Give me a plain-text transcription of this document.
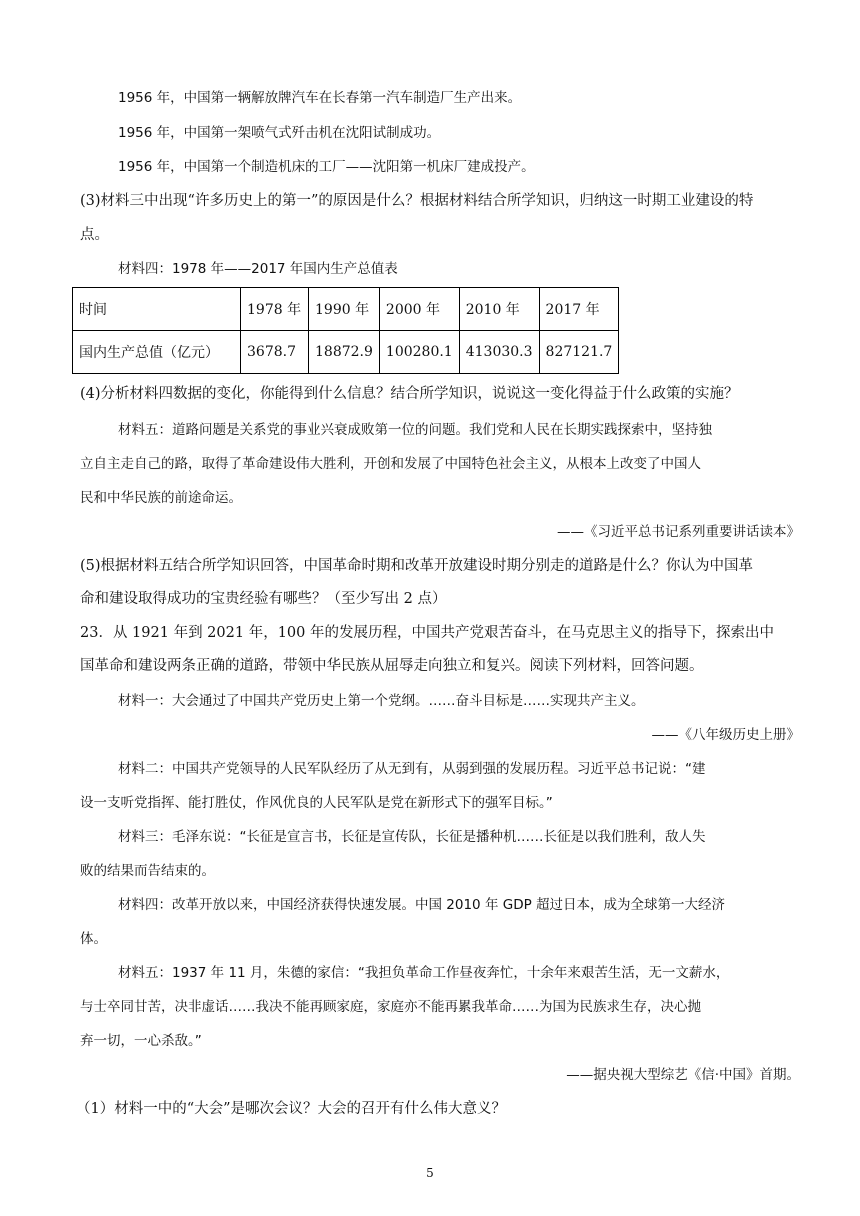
1956 年，中国第一辆解放牌汽车在长春第一汽车制造厂生产出来。
1956 年，中国第一架喷气式歼击机在沈阳试制成功。
1956 年，中国第一个制造机床的工厂——沈阳第一机床厂建成投产。
(3)材料三中出现“许多历史上的第一”的原因是什么？根据材料结合所学知识，归纳这一时期工业建设的特
点。
材料四：1978 年——2017 年国内生产总值表
时间	1978 年	1990 年	2000 年	2010 年	2017 年
国内生产总值（亿元）	3678.7	18872.9	100280.1	413030.3	827121.7
(4)分析材料四数据的变化，你能得到什么信息？结合所学知识，说说这一变化得益于什么政策的实施？
材料五：道路问题是关系党的事业兴衰成败第一位的问题。我们党和人民在长期实践探索中，坚持独
立自主走自己的路，取得了革命建设伟大胜利，开创和发展了中国特色社会主义，从根本上改变了中国人
民和中华民族的前途命运。
——《习近平总书记系列重要讲话读本》
(5)根据材料五结合所学知识回答，中国革命时期和改革开放建设时期分别走的道路是什么？你认为中国革
命和建设取得成功的宝贵经验有哪些？（至少写出 2 点）
23．从 1921 年到 2021 年，100 年的发展历程，中国共产党艰苦奋斗，在马克思主义的指导下，探索出中
国革命和建设两条正确的道路，带领中华民族从屈辱走向独立和复兴。阅读下列材料，回答问题。
材料一：大会通过了中国共产党历史上第一个党纲。……奋斗目标是……实现共产主义。
——《八年级历史上册》
材料二：中国共产党领导的人民军队经历了从无到有，从弱到强的发展历程。习近平总书记说：“建
设一支听党指挥、能打胜仗，作风优良的人民军队是党在新形式下的强军目标。”
材料三：毛泽东说：“长征是宣言书，长征是宣传队，长征是播种机……长征是以我们胜利，敌人失
败的结果而告结束的。
材料四：改革开放以来，中国经济获得快速发展。中国 2010 年 GDP 超过日本，成为全球第一大经济
体。
材料五：1937 年 11 月，朱德的家信：“我担负革命工作昼夜奔忙，十余年来艰苦生活，无一文薪水，
与士卒同甘苦，决非虚话……我决不能再顾家庭，家庭亦不能再累我革命……为国为民族求生存，决心抛
弃一切，一心杀敌。”
——据央视大型综艺《信·中国》首期。
（1）材料一中的“大会”是哪次会议？大会的召开有什么伟大意义？
5
